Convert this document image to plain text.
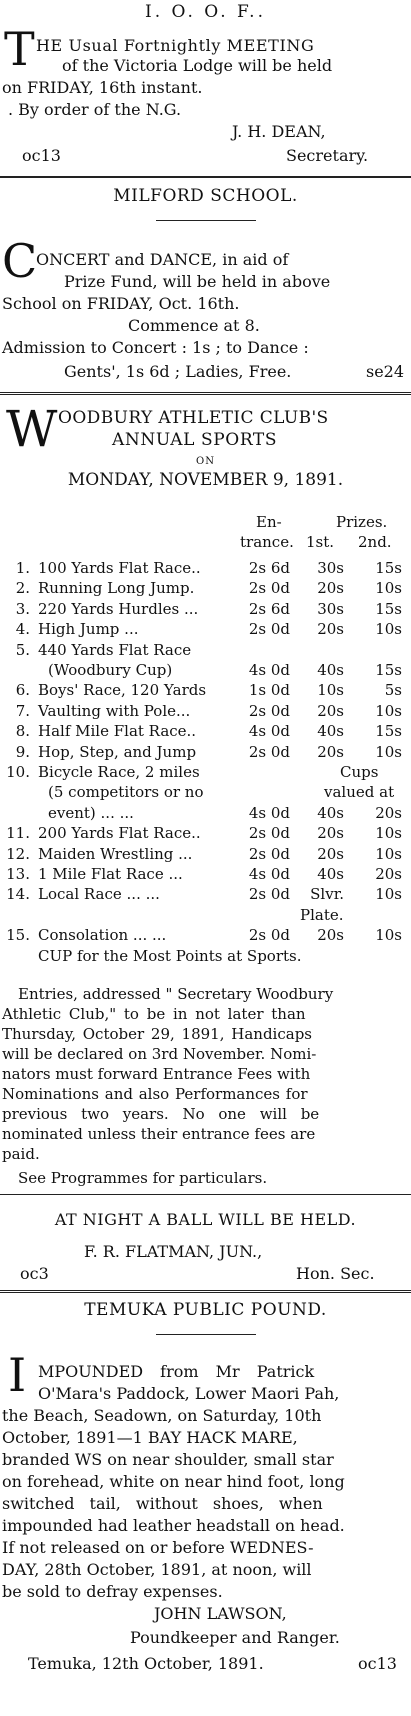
I. O. O. F..
T HE Usual Fortnightly MEETING
of the Victoria Lodge will be held
on FRIDAY, 16th instant.
. By order of the N.G.
J. H. DEAN,
oc13	Secretary.
MILFORD SCHOOL.
C
ONCERT and DANCE, in aid of
Prize Fund, will be held in above
School on FRIDAY, Oct. 16th.
Commence at 8.
Admission to Concert : 1s ; to Dance :
Gents', 1s 6d ; Ladies, Free.	se24
W OODBURY ATHLETIC CLUB'S
ANNUAL SPORTS
ON
MONDAY, NOVEMBER 9, 1891.
En-	Prizes.
trance. 1st. 2nd.
1. 100 Yards Flat Race..	2s 6d	30s	15s
2. Running Long Jump.	2s 0d	20s	10s
3. 220 Yards Hurdles ...	2s 6d	30s	15s
4. High Jump ...	2s 0d	20s	10s
5. 440 Yards Flat Race
(Woodbury Cup)	4s 0d	40s	15s
6. Boys' Race, 120 Yards	1s 0d	10s	5s
7. Vaulting with Pole...	2s 0d	20s	10s
8. Half Mile Flat Race..	4s 0d	40s	15s
9. Hop, Step, and Jump	2s 0d	20s	10s
10. Bicycle Race, 2 miles	Cups
(5 competitors or no	valued at
event) ... ...	4s 0d	40s	20s
11. 200 Yards Flat Race..	2s 0d	20s	10s
12. Maiden Wrestling ...	2s 0d	20s	10s
13. 1 Mile Flat Race ...	4s 0d	40s	20s
14. Local Race ... ...	2s 0d	Slvr.	10s
Plate.
15. Consolation ... ...	2s 0d	20s	10s
CUP for the Most Points at Sports.
Entries, addressed " Secretary Woodbury
Athletic Club," to be in not later than
Thursday, October 29, 1891, Handicaps
will be declared on 3rd November. Nomi-
nators must forward Entrance Fees with
Nominations and also Performances for
previous two years. No one will be
nominated unless their entrance fees are
paid.
See Programmes for particulars.
AT NIGHT A BALL WILL BE HELD.
F. R. FLATMAN, JUN.,
oc3	Hon. Sec.
TEMUKA PUBLIC POUND.
I MPOUNDED from Mr Patrick
O'Mara's Paddock, Lower Maori Pah,
the Beach, Seadown, on Saturday, 10th
October, 1891—1 BAY HACK MARE,
branded WS on near shoulder, small star
on forehead, white on near hind foot, long
switched tail, without shoes, when
impounded had leather headstall on head.
If not released on or before WEDNES-
DAY, 28th October, 1891, at noon, will
be sold to defray expenses.
JOHN LAWSON,
Poundkeeper and Ranger.
Temuka, 12th October, 1891.	oc13
